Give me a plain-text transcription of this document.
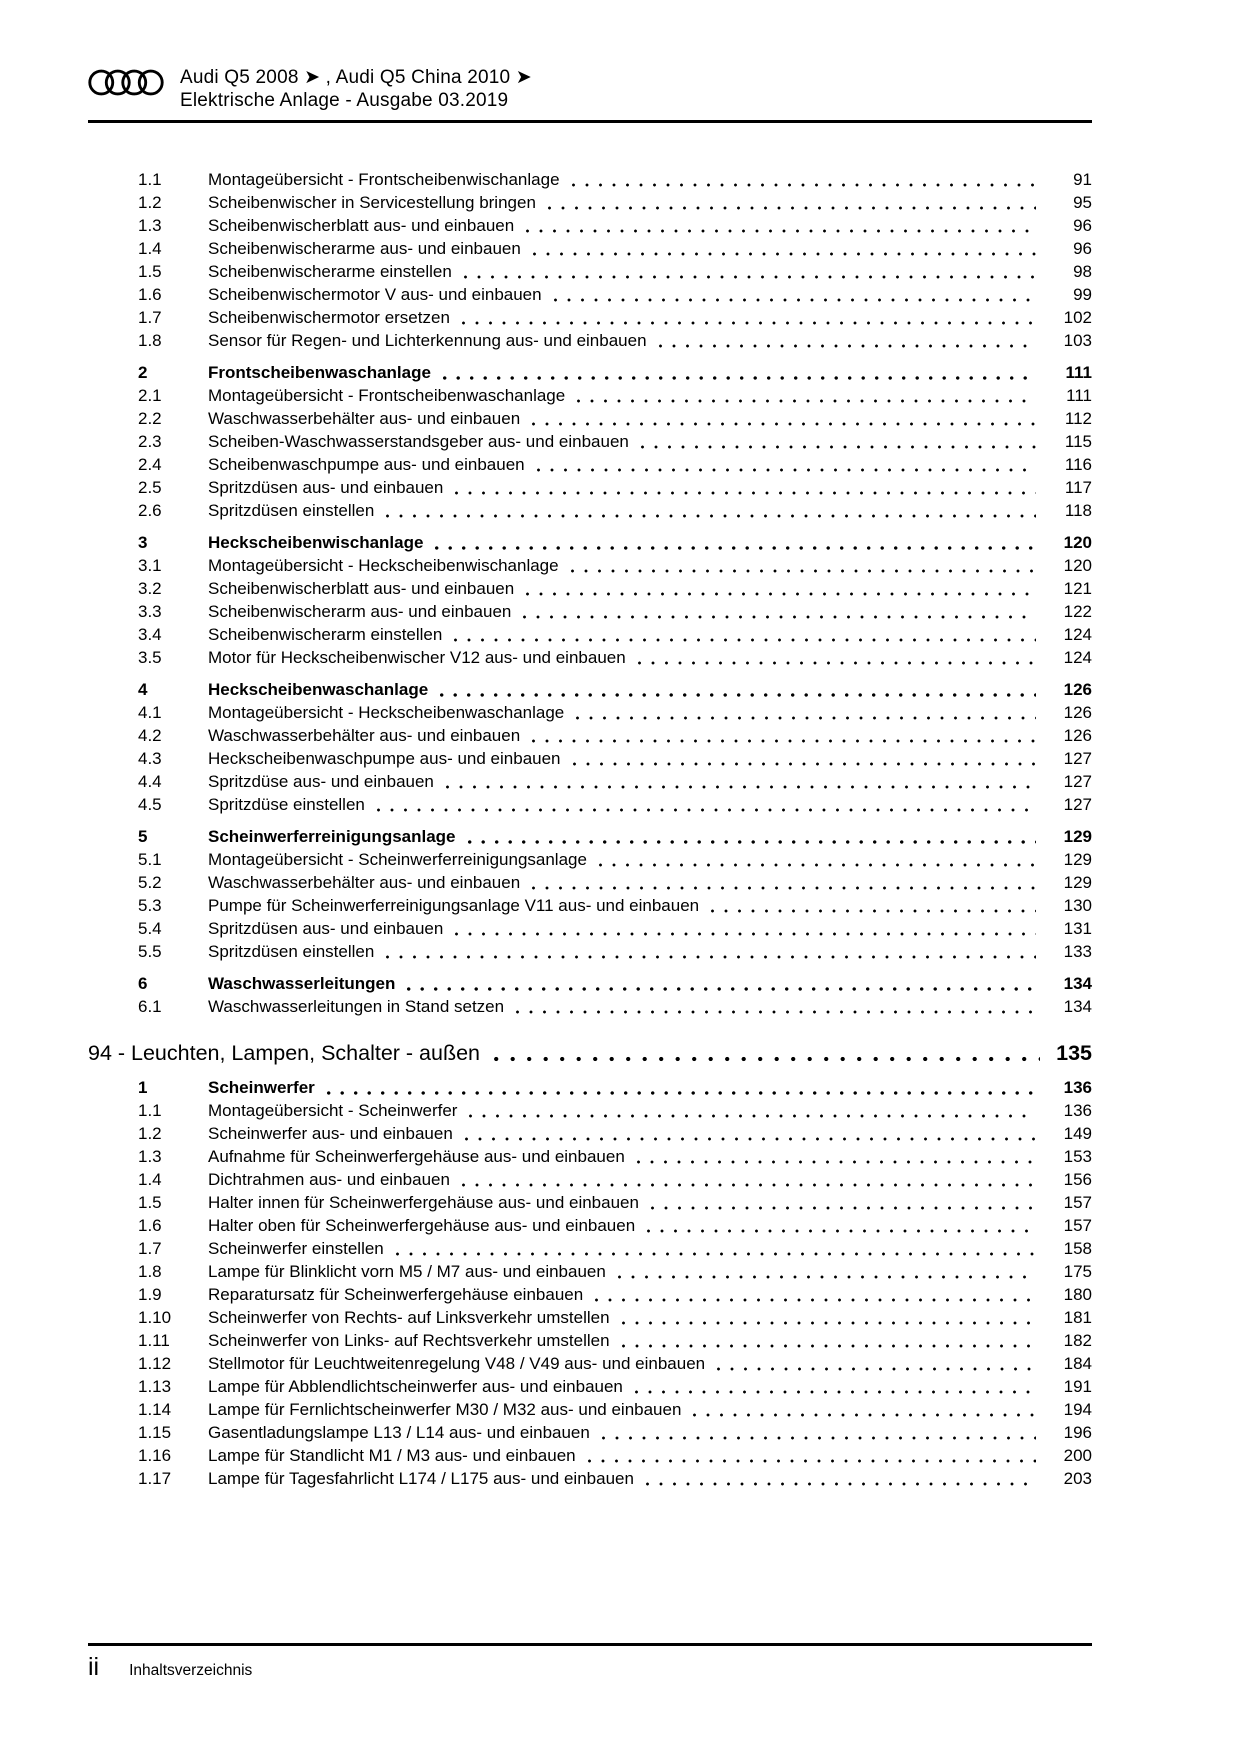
Audi Q5 2008 ➤ , Audi Q5 China 2010 ➤
Elektrische Anlage - Ausgabe 03.2019
1.1	Montageübersicht - Frontscheibenwischanlage	91
1.2	Scheibenwischer in Servicestellung bringen	95
1.3	Scheibenwischerblatt aus- und einbauen	96
1.4	Scheibenwischerarme aus- und einbauen	96
1.5	Scheibenwischerarme einstellen	98
1.6	Scheibenwischermotor V aus- und einbauen	99
1.7	Scheibenwischermotor ersetzen	102
1.8	Sensor für Regen- und Lichterkennung aus- und einbauen	103
2	Frontscheibenwaschanlage	111
2.1	Montageübersicht - Frontscheibenwaschanlage	111
2.2	Waschwasserbehälter aus- und einbauen	112
2.3	Scheiben-Waschwasserstandsgeber aus- und einbauen	115
2.4	Scheibenwaschpumpe aus- und einbauen	116
2.5	Spritzdüsen aus- und einbauen	117
2.6	Spritzdüsen einstellen	118
3	Heckscheibenwischanlage	120
3.1	Montageübersicht - Heckscheibenwischanlage	120
3.2	Scheibenwischerblatt aus- und einbauen	121
3.3	Scheibenwischerarm aus- und einbauen	122
3.4	Scheibenwischerarm einstellen	124
3.5	Motor für Heckscheibenwischer V12 aus- und einbauen	124
4	Heckscheibenwaschanlage	126
4.1	Montageübersicht - Heckscheibenwaschanlage	126
4.2	Waschwasserbehälter aus- und einbauen	126
4.3	Heckscheibenwaschpumpe aus- und einbauen	127
4.4	Spritzdüse aus- und einbauen	127
4.5	Spritzdüse einstellen	127
5	Scheinwerferreinigungsanlage	129
5.1	Montageübersicht - Scheinwerferreinigungsanlage	129
5.2	Waschwasserbehälter aus- und einbauen	129
5.3	Pumpe für Scheinwerferreinigungsanlage V11 aus- und einbauen	130
5.4	Spritzdüsen aus- und einbauen	131
5.5	Spritzdüsen einstellen	133
6	Waschwasserleitungen	134
6.1	Waschwasserleitungen in Stand setzen	134
94 - Leuchten, Lampen, Schalter - außen	135
1	Scheinwerfer	136
1.1	Montageübersicht - Scheinwerfer	136
1.2	Scheinwerfer aus- und einbauen	149
1.3	Aufnahme für Scheinwerfergehäuse aus- und einbauen	153
1.4	Dichtrahmen aus- und einbauen	156
1.5	Halter innen für Scheinwerfergehäuse aus- und einbauen	157
1.6	Halter oben für Scheinwerfergehäuse aus- und einbauen	157
1.7	Scheinwerfer einstellen	158
1.8	Lampe für Blinklicht vorn M5 / M7 aus- und einbauen	175
1.9	Reparatursatz für Scheinwerfergehäuse einbauen	180
1.10	Scheinwerfer von Rechts- auf Linksverkehr umstellen	181
1.11	Scheinwerfer von Links- auf Rechtsverkehr umstellen	182
1.12	Stellmotor für Leuchtweitenregelung V48 / V49 aus- und einbauen	184
1.13	Lampe für Abblendlichtscheinwerfer aus- und einbauen	191
1.14	Lampe für Fernlichtscheinwerfer M30 / M32 aus- und einbauen	194
1.15	Gasentladungslampe L13 / L14 aus- und einbauen	196
1.16	Lampe für Standlicht M1 / M3 aus- und einbauen	200
1.17	Lampe für Tagesfahrlicht L174 / L175 aus- und einbauen	203
ii Inhaltsverzeichnis
